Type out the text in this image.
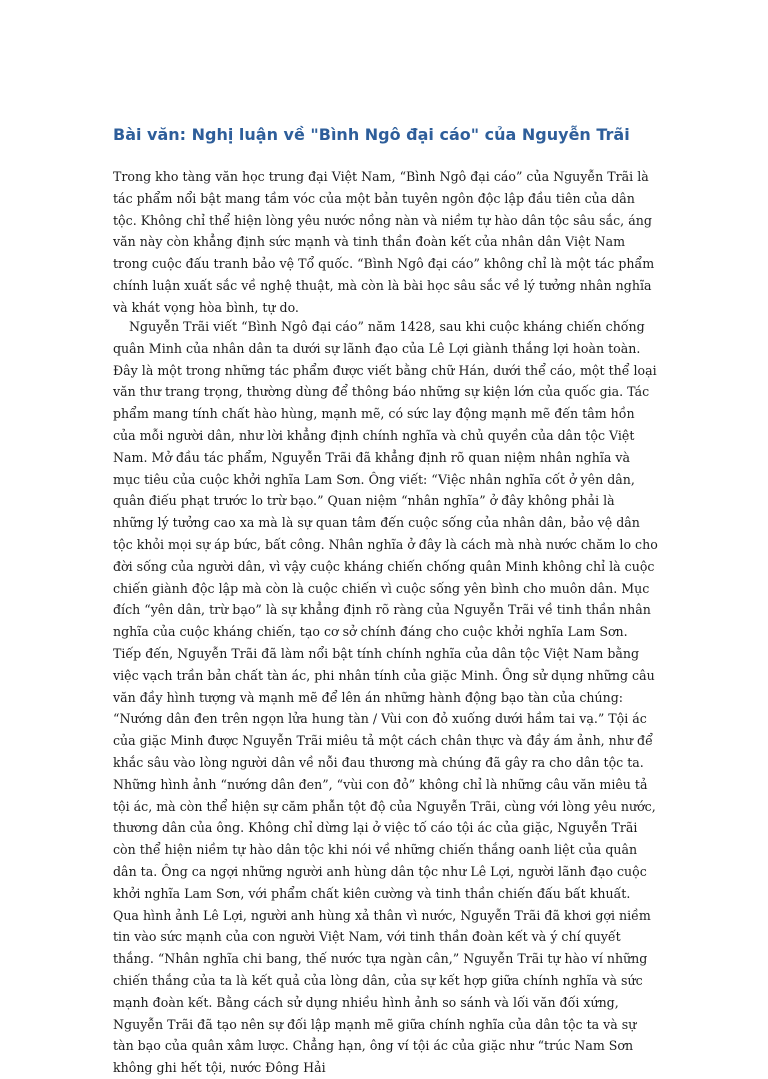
Bài văn: Nghị luận về "Bình Ngô đại cáo" của Nguyễn Trãi

Trong kho tàng văn học trung đại Việt Nam, “Bình Ngô đại cáo” của Nguyễn Trãi là tác phẩm nổi bật mang tầm vóc của một bản tuyên ngôn độc lập đầu tiên của dân tộc. Không chỉ thể hiện lòng yêu nước nồng nàn và niềm tự hào dân tộc sâu sắc, áng văn này còn khẳng định sức mạnh và tinh thần đoàn kết của nhân dân Việt Nam trong cuộc đấu tranh bảo vệ Tổ quốc. “Bình Ngô đại cáo” không chỉ là một tác phẩm chính luận xuất sắc về nghệ thuật, mà còn là bài học sâu sắc về lý tưởng nhân nghĩa và khát vọng hòa bình, tự do.

Nguyễn Trãi viết “Bình Ngô đại cáo” năm 1428, sau khi cuộc kháng chiến chống quân Minh của nhân dân ta dưới sự lãnh đạo của Lê Lợi giành thắng lợi hoàn toàn. Đây là một trong những tác phẩm được viết bằng chữ Hán, dưới thể cáo, một thể loại văn thư trang trọng, thường dùng để thông báo những sự kiện lớn của quốc gia. Tác phẩm mang tính chất hào hùng, mạnh mẽ, có sức lay động mạnh mẽ đến tâm hồn của mỗi người dân, như lời khẳng định chính nghĩa và chủ quyền của dân tộc Việt Nam. Mở đầu tác phẩm, Nguyễn Trãi đã khẳng định rõ quan niệm nhân nghĩa và mục tiêu của cuộc khởi nghĩa Lam Sơn. Ông viết: “Việc nhân nghĩa cốt ở yên dân, quân điếu phạt trước lo trừ bạo.” Quan niệm “nhân nghĩa” ở đây không phải là những lý tưởng cao xa mà là sự quan tâm đến cuộc sống của nhân dân, bảo vệ dân tộc khỏi mọi sự áp bức, bất công. Nhân nghĩa ở đây là cách mà nhà nước chăm lo cho đời sống của người dân, vì vậy cuộc kháng chiến chống quân Minh không chỉ là cuộc chiến giành độc lập mà còn là cuộc chiến vì cuộc sống yên bình cho muôn dân. Mục đích “yên dân, trừ bạo” là sự khẳng định rõ ràng của Nguyễn Trãi về tinh thần nhân nghĩa của cuộc kháng chiến, tạo cơ sở chính đáng cho cuộc khởi nghĩa Lam Sơn. Tiếp đến, Nguyễn Trãi đã làm nổi bật tính chính nghĩa của dân tộc Việt Nam bằng việc vạch trần bản chất tàn ác, phi nhân tính của giặc Minh. Ông sử dụng những câu văn đầy hình tượng và mạnh mẽ để lên án những hành động bạo tàn của chúng: “Nướng dân đen trên ngọn lửa hung tàn / Vùi con đỏ xuống dưới hầm tai vạ.” Tội ác của giặc Minh được Nguyễn Trãi miêu tả một cách chân thực và đầy ám ảnh, như để khắc sâu vào lòng người dân về nỗi đau thương mà chúng đã gây ra cho dân tộc ta. Những hình ảnh “nướng dân đen”, “vùi con đỏ” không chỉ là những câu văn miêu tả tội ác, mà còn thể hiện sự căm phẫn tột độ của Nguyễn Trãi, cùng với lòng yêu nước, thương dân của ông. Không chỉ dừng lại ở việc tố cáo tội ác của giặc, Nguyễn Trãi còn thể hiện niềm tự hào dân tộc khi nói về những chiến thắng oanh liệt của quân dân ta. Ông ca ngợi những người anh hùng dân tộc như Lê Lợi, người lãnh đạo cuộc khởi nghĩa Lam Sơn, với phẩm chất kiên cường và tinh thần chiến đấu bất khuất. Qua hình ảnh Lê Lợi, người anh hùng xả thân vì nước, Nguyễn Trãi đã khơi gợi niềm tin vào sức mạnh của con người Việt Nam, với tinh thần đoàn kết và ý chí quyết thắng. “Nhân nghĩa chi bang, thế nước tựa ngàn cân,” Nguyễn Trãi tự hào ví những chiến thắng của ta là kết quả của lòng dân, của sự kết hợp giữa chính nghĩa và sức mạnh đoàn kết. Bằng cách sử dụng nhiều hình ảnh so sánh và lối văn đối xứng, Nguyễn Trãi đã tạo nên sự đối lập mạnh mẽ giữa chính nghĩa của dân tộc ta và sự tàn bạo của quân xâm lược. Chẳng hạn, ông ví tội ác của giặc như “trúc Nam Sơn không ghi hết tội, nước Đông Hải
